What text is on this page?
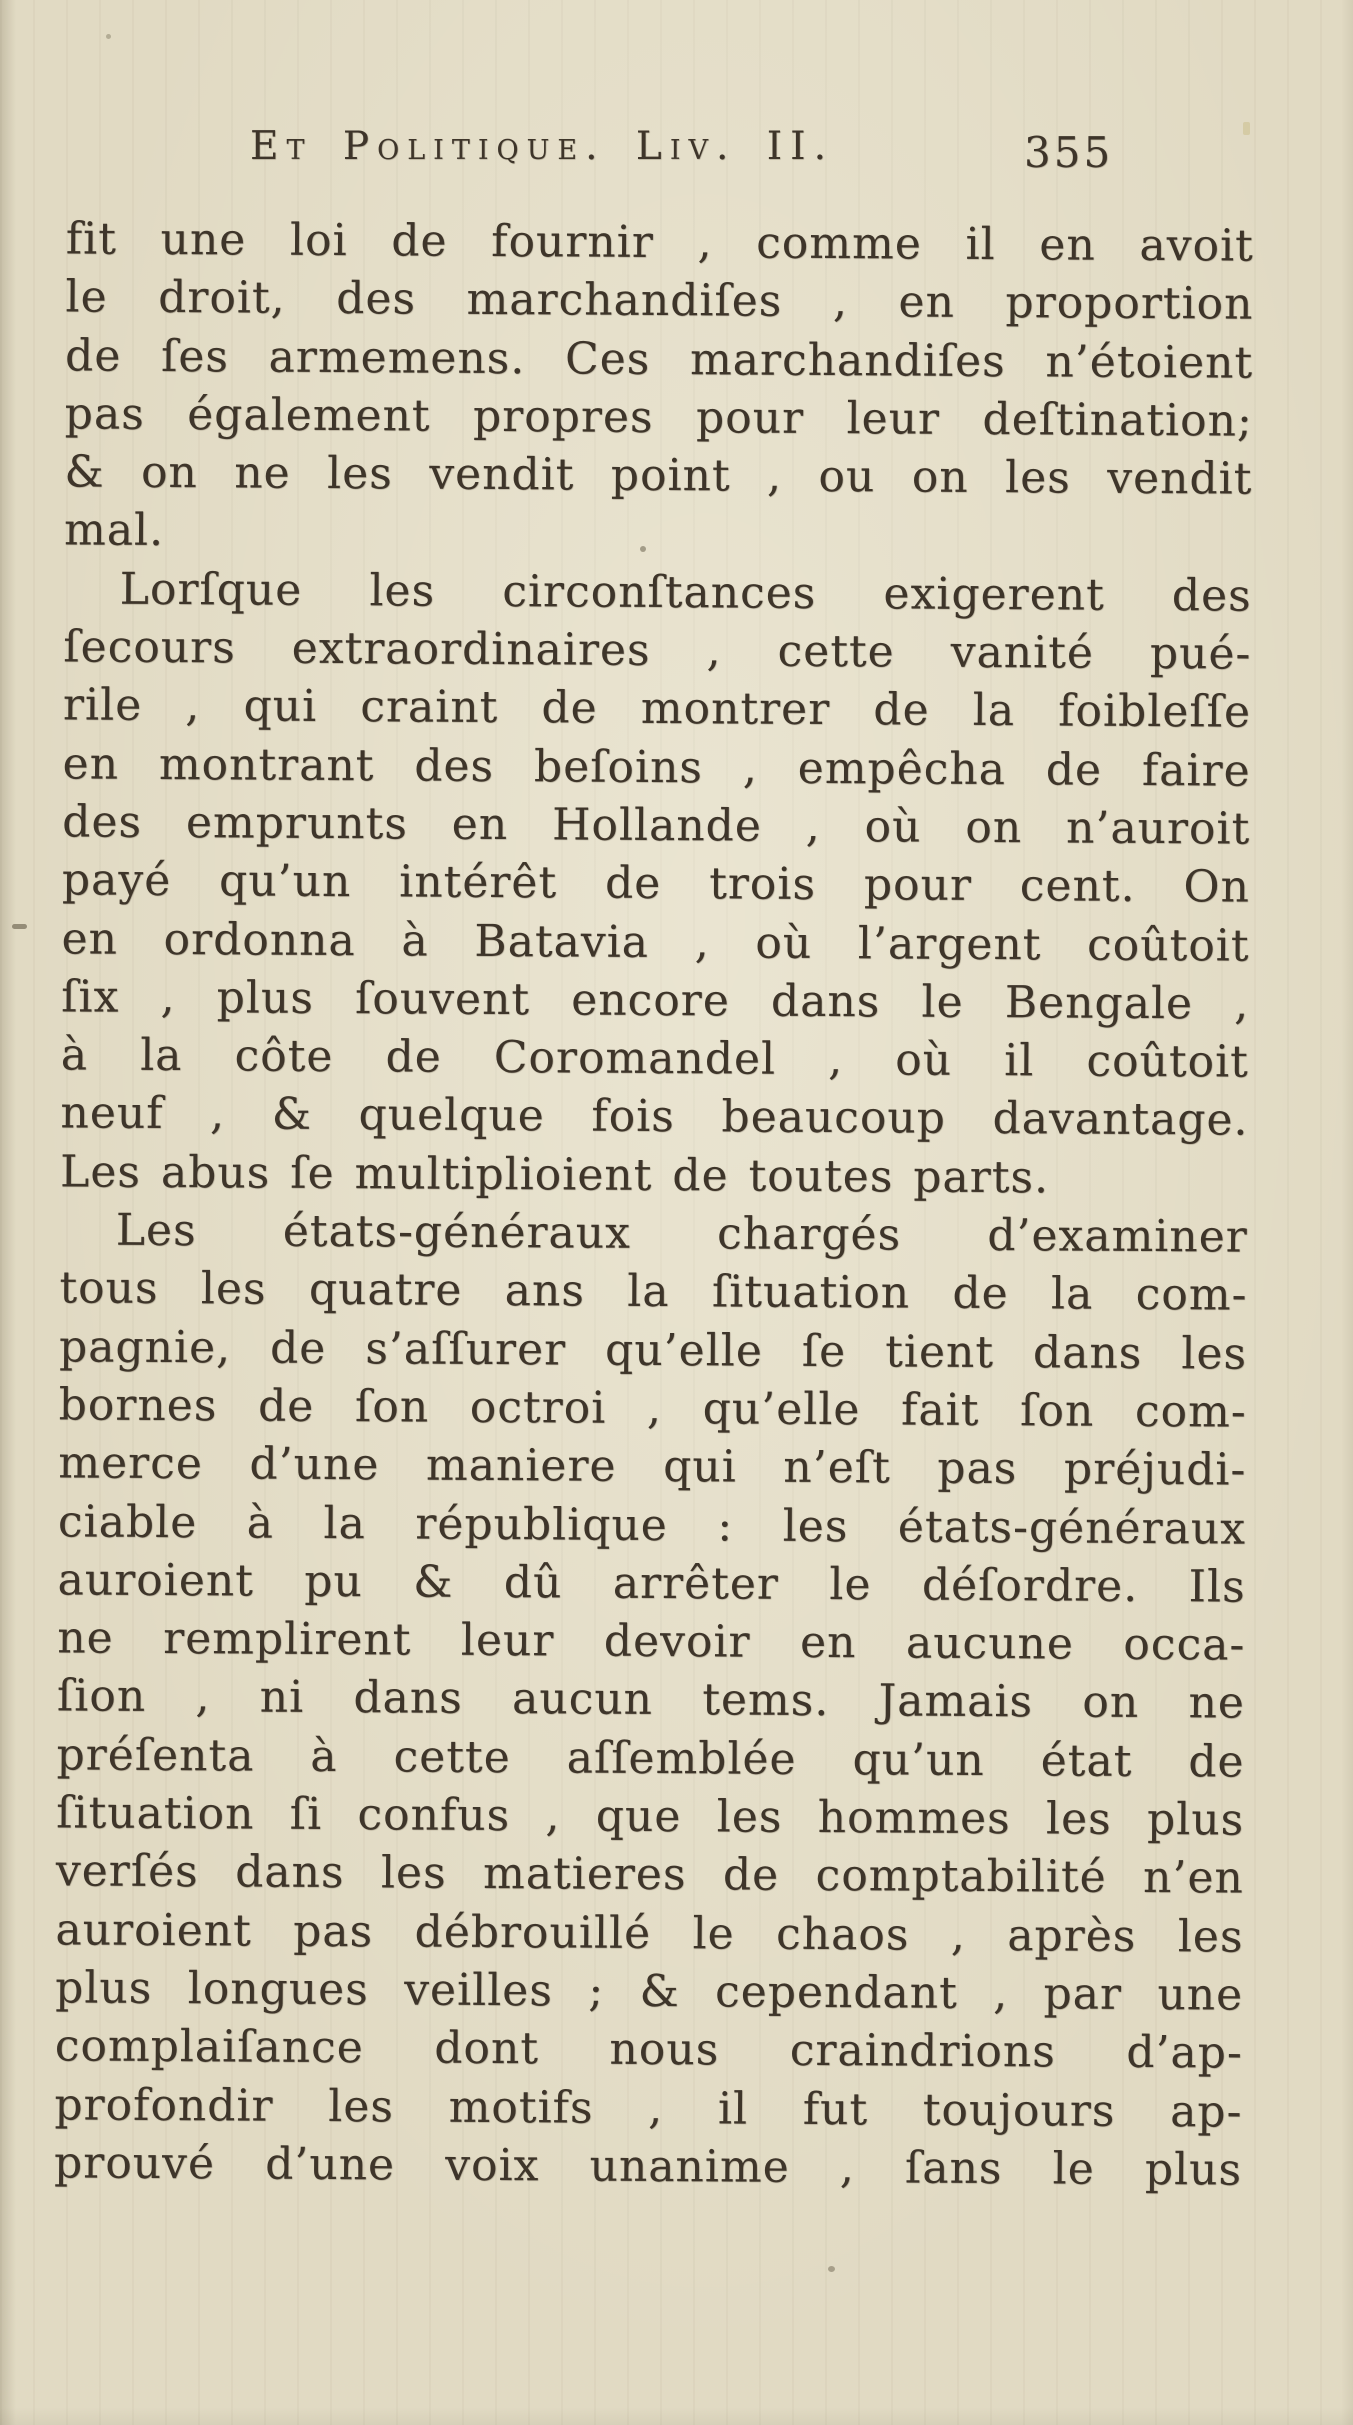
Et Politique. Liv. II.	355
fit une loi de fournir , comme il en avoit
le droit, des marchandiſes , en proportion
de ſes armemens. Ces marchandiſes n’étoient
pas également propres pour leur deſtination;
& on ne les vendit point , ou on les vendit
mal.
Lorſque les circonſtances exigerent des
ſecours extraordinaires , cette vanité pué-
rile , qui craint de montrer de la foibleſſe
en montrant des beſoins , empêcha de faire
des emprunts en Hollande , où on n’auroit
payé qu’un intérêt de trois pour cent. On
en ordonna à Batavia , où l’argent coûtoit
ſix , plus ſouvent encore dans le Bengale ,
à la côte de Coromandel , où il coûtoit
neuf , & quelque fois beaucoup davantage.
Les abus ſe multiplioient de toutes parts.
Les états-généraux chargés d’examiner
tous les quatre ans la ſituation de la com-
pagnie, de s’aſſurer qu’elle ſe tient dans les
bornes de ſon octroi , qu’elle fait ſon com-
merce d’une maniere qui n’eſt pas préjudi-
ciable à la république : les états-généraux
auroient pu & dû arrêter le déſordre. Ils
ne remplirent leur devoir en aucune occa-
ſion , ni dans aucun tems. Jamais on ne
préſenta à cette aſſemblée qu’un état de
ſituation ſi confus , que les hommes les plus
verſés dans les matieres de comptabilité n’en
auroient pas débrouillé le chaos , après les
plus longues veilles ; & cependant , par une
complaiſance dont nous craindrions d’ap-
profondir les motifs , il fut toujours ap-
prouvé d’une voix unanime , ſans le plus
